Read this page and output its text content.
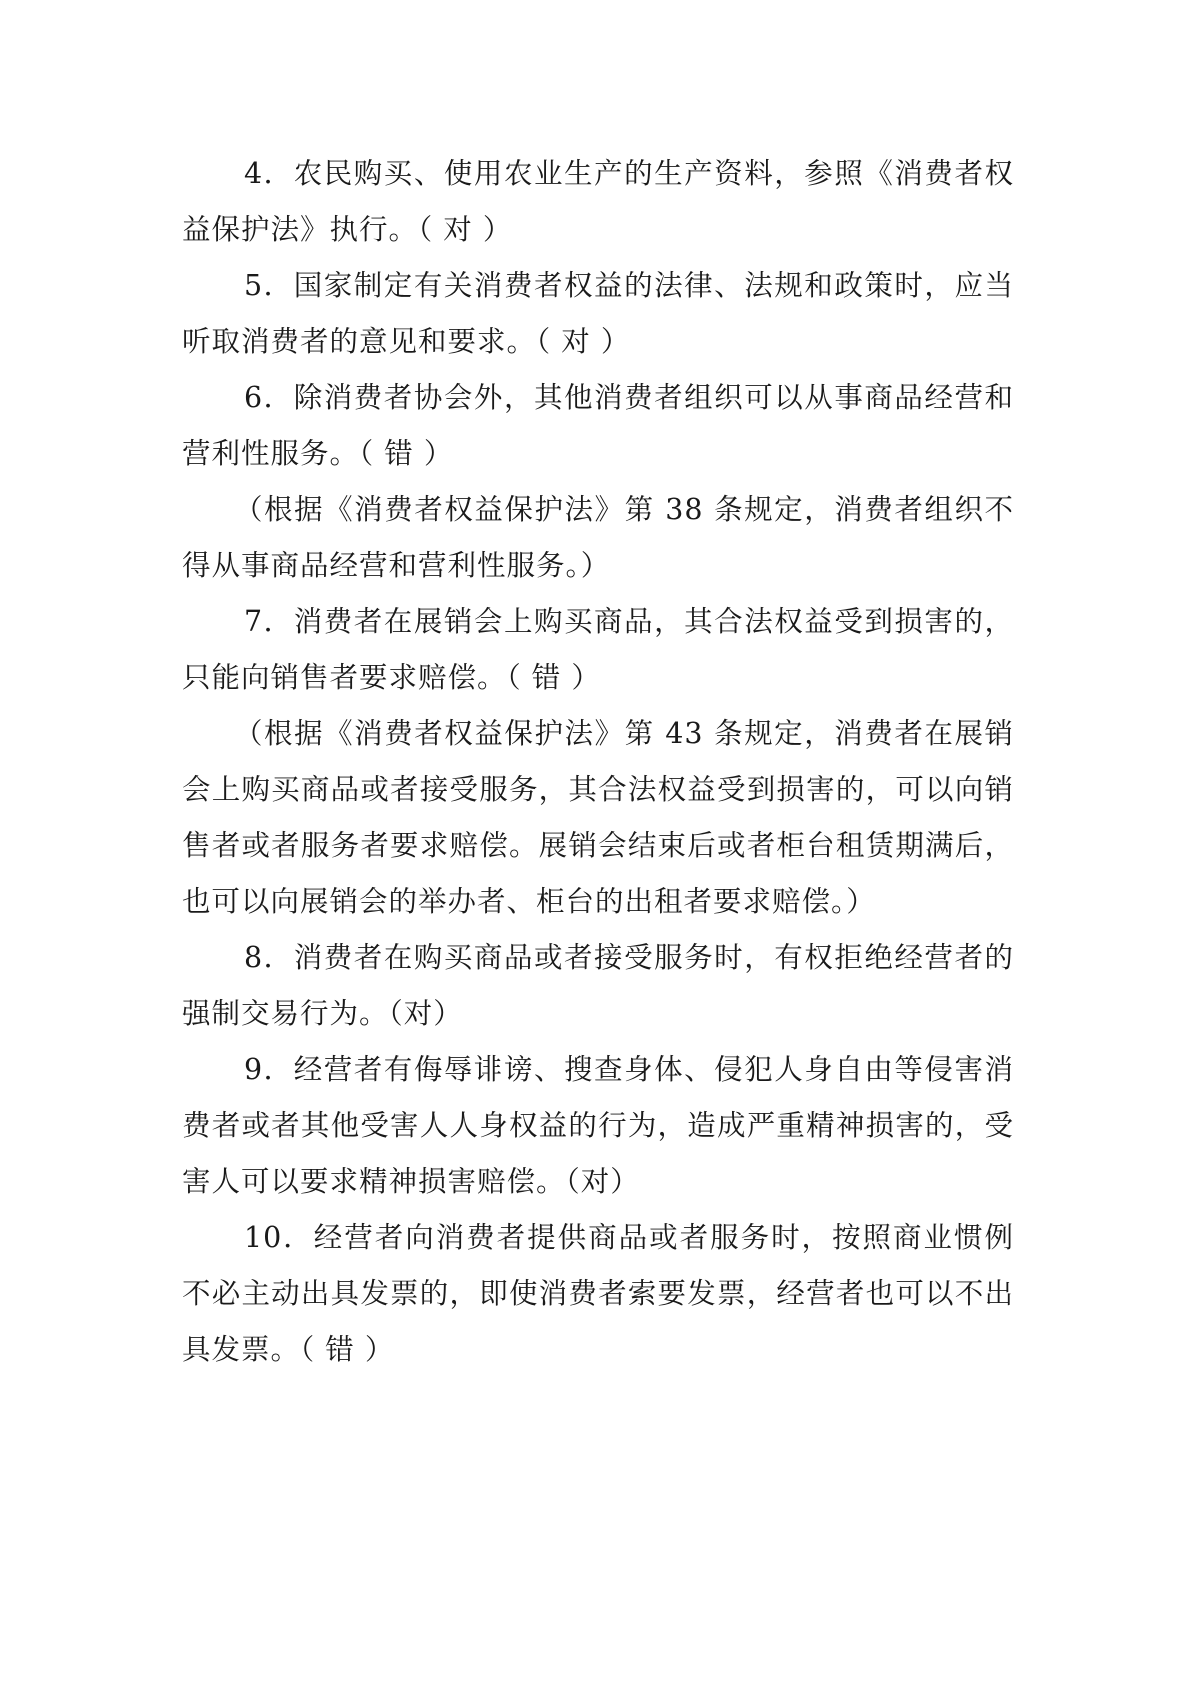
4．农民购买、使用农业生产的生产资料，参照《消费者权益保护法》执行。（ 对 ）

5．国家制定有关消费者权益的法律、法规和政策时，应当听取消费者的意见和要求。（ 对 ）

6．除消费者协会外，其他消费者组织可以从事商品经营和营利性服务。（ 错 ）

（根据《消费者权益保护法》第 38 条规定，消费者组织不得从事商品经营和营利性服务。）

7．消费者在展销会上购买商品，其合法权益受到损害的，只能向销售者要求赔偿。（ 错 ）

（根据《消费者权益保护法》第 43 条规定，消费者在展销会上购买商品或者接受服务，其合法权益受到损害的，可以向销售者或者服务者要求赔偿。展销会结束后或者柜台租赁期满后，也可以向展销会的举办者、柜台的出租者要求赔偿。）

8．消费者在购买商品或者接受服务时，有权拒绝经营者的强制交易行为。（对）

9．经营者有侮辱诽谤、搜查身体、侵犯人身自由等侵害消费者或者其他受害人人身权益的行为，造成严重精神损害的，受害人可以要求精神损害赔偿。（对）

10．经营者向消费者提供商品或者服务时，按照商业惯例不必主动出具发票的，即使消费者索要发票，经营者也可以不出具发票。（ 错 ）
